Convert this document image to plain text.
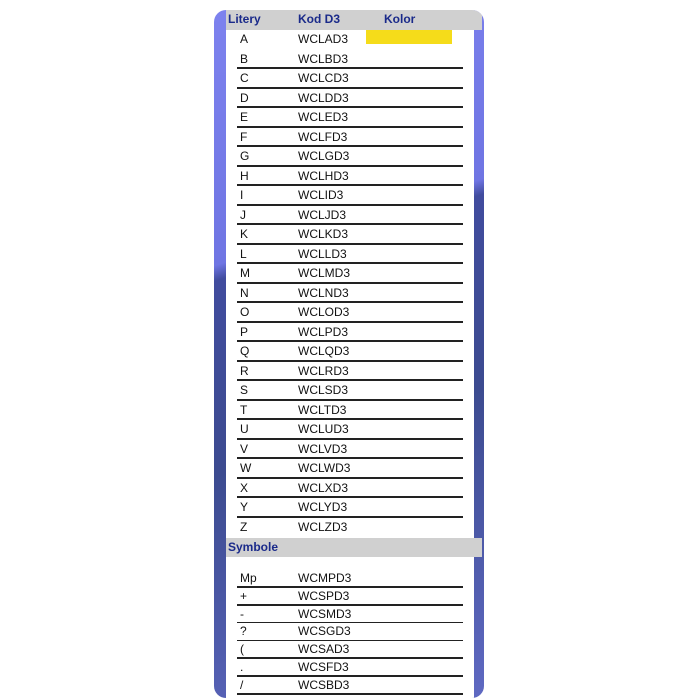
Litery	Kod D3	Kolor
A	WCLAD3
B	WCLBD3
C	WCLCD3
D	WCLDD3
E	WCLED3
F	WCLFD3
G	WCLGD3
H	WCLHD3
I	WCLID3
J	WCLJD3
K	WCLKD3
L	WCLLD3
M	WCLMD3
N	WCLND3
O	WCLOD3
P	WCLPD3
Q	WCLQD3
R	WCLRD3
S	WCLSD3
T	WCLTD3
U	WCLUD3
V	WCLVD3
W	WCLWD3
X	WCLXD3
Y	WCLYD3
Z	WCLZD3
Symbole
Mp	WCMPD3
+	WCSPD3
-	WCSMD3
?	WCSGD3
(	WCSAD3
.	WCSFD3
/	WCSBD3
